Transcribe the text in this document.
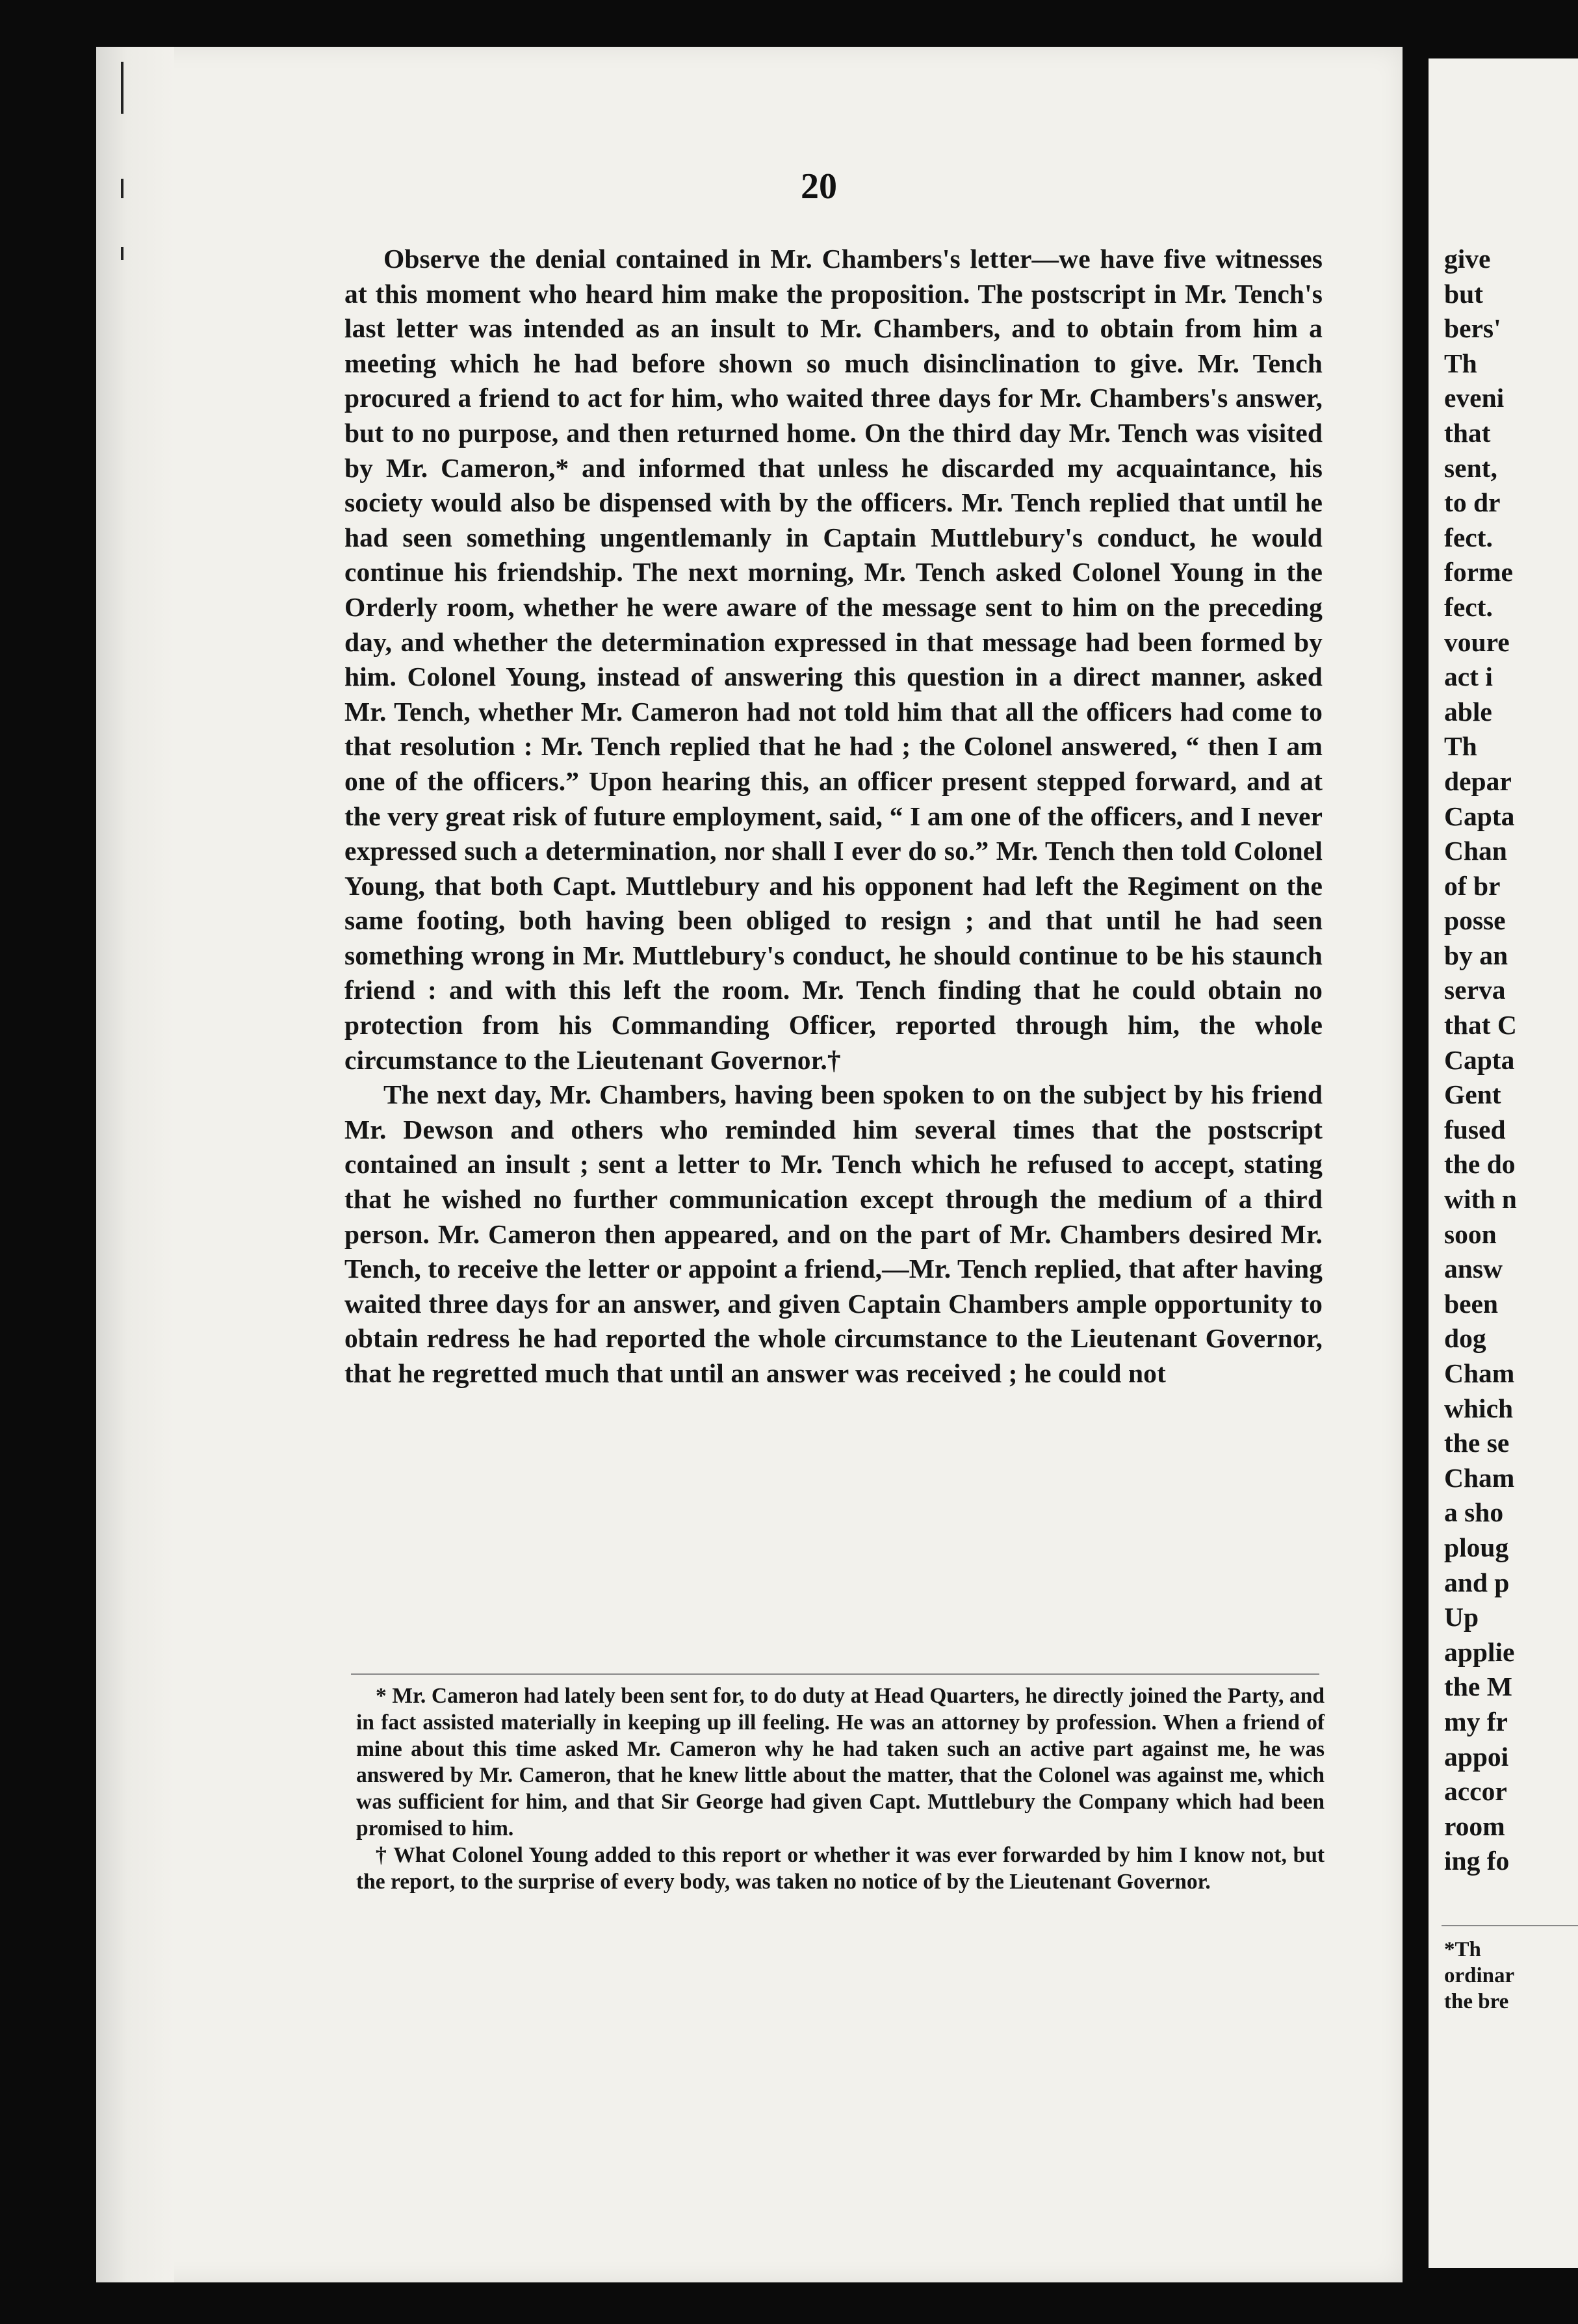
20

Observe the denial contained in Mr. Chambers's letter—we have five witnesses at this moment who heard him make the proposition. The postscript in Mr. Tench's last letter was intended as an insult to Mr. Chambers, and to obtain from him a meeting which he had before shown so much disinclination to give. Mr. Tench procured a friend to act for him, who waited three days for Mr. Chambers's answer, but to no purpose, and then returned home. On the third day Mr. Tench was visited by Mr. Cameron,* and informed that unless he discarded my acquaintance, his society would also be dispensed with by the officers. Mr. Tench replied that until he had seen something ungentlemanly in Captain Muttlebury's conduct, he would continue his friendship. The next morning, Mr. Tench asked Colonel Young in the Orderly room, whether he were aware of the message sent to him on the preceding day, and whether the determination expressed in that message had been formed by him. Colonel Young, instead of answering this question in a direct manner, asked Mr. Tench, whether Mr. Cameron had not told him that all the officers had come to that resolution : Mr. Tench replied that he had ; the Colonel answered, “ then I am one of the officers.” Upon hearing this, an officer present stepped forward, and at the very great risk of future employment, said, “ I am one of the officers, and I never expressed such a determination, nor shall I ever do so.” Mr. Tench then told Colonel Young, that both Capt. Muttlebury and his opponent had left the Regiment on the same footing, both having been obliged to resign ; and that until he had seen something wrong in Mr. Muttlebury's conduct, he should continue to be his staunch friend : and with this left the room. Mr. Tench finding that he could obtain no protection from his Commanding Officer, reported through him, the whole circumstance to the Lieutenant Governor.†

The next day, Mr. Chambers, having been spoken to on the subject by his friend Mr. Dewson and others who reminded him several times that the postscript contained an insult ; sent a letter to Mr. Tench which he refused to accept, stating that he wished no further communication except through the medium of a third person. Mr. Cameron then appeared, and on the part of Mr. Chambers desired Mr. Tench, to receive the letter or appoint a friend,—Mr. Tench replied, that after having waited three days for an answer, and given Captain Chambers ample opportunity to obtain redress he had reported the whole circumstance to the Lieutenant Governor, that he regretted much that until an answer was received ; he could not

* Mr. Cameron had lately been sent for, to do duty at Head Quarters, he directly joined the Party, and in fact assisted materially in keeping up ill feeling. He was an attorney by profession. When a friend of mine about this time asked Mr. Cameron why he had taken such an active part against me, he was answered by Mr. Cameron, that he knew little about the matter, that the Colonel was against me, which was sufficient for him, and that Sir George had given Capt. Muttlebury the Company which had been promised to him.

† What Colonel Young added to this report or whether it was ever forwarded by him I know not, but the report, to the surprise of every body, was taken no notice of by the Lieutenant Governor.

give
but
bers'
Th
eveni
that
sent,
to dr
fect.
forme
fect.
voure
act i
able
Th
depar
Capta
Chan
of br
posse
by an
serva
that C
Capta
Gent
fused
the do
with n
soon
answ
been
dog
Cham
which
the se
Cham
a sho
ploug
and p
Up
applie
the M
my fr
appoi
accor
room
ing fo
*Th
ordinar
the bre
